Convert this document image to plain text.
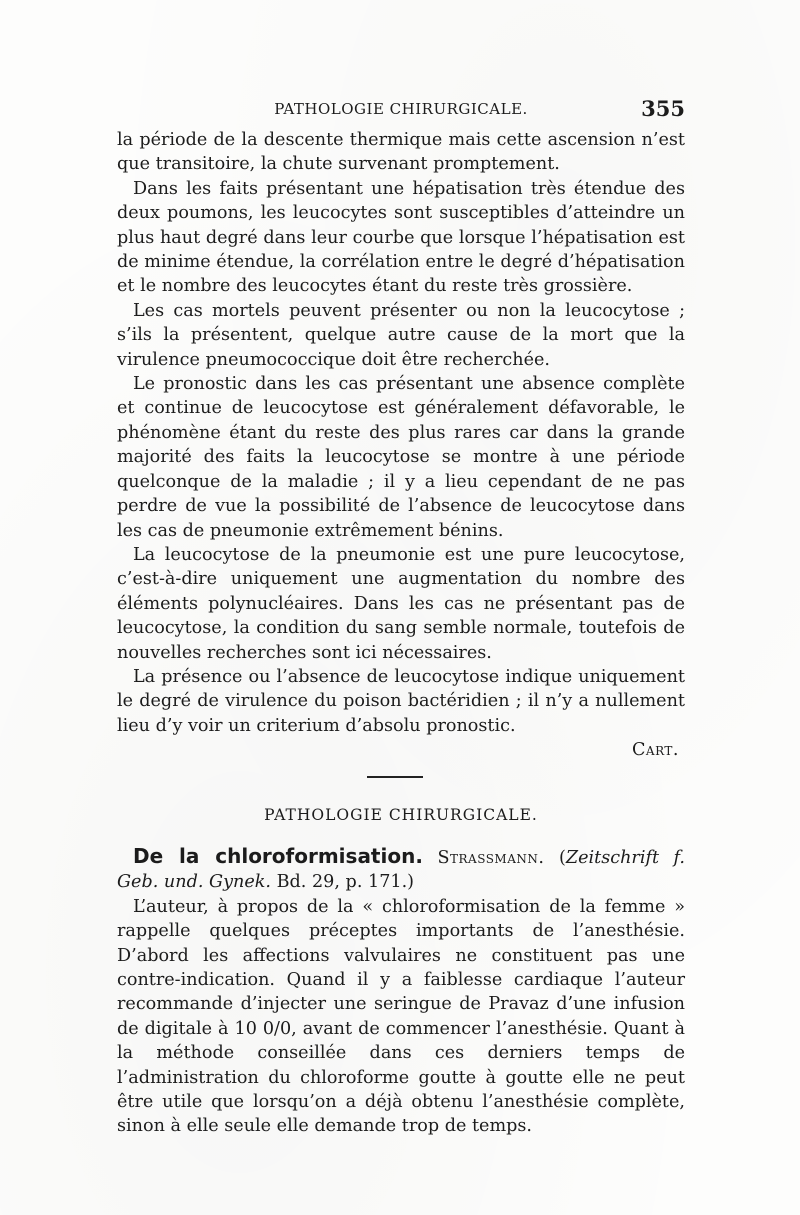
PATHOLOGIE CHIRURGICALE.	355

la période de la descente thermique mais cette ascension n’est que transitoire, la chute survenant promptement.

Dans les faits présentant une hépatisation très étendue des deux poumons, les leucocytes sont susceptibles d’atteindre un plus haut degré dans leur courbe que lorsque l’hépatisation est de minime étendue, la corrélation entre le degré d’hépatisation et le nombre des leucocytes étant du reste très grossière.

Les cas mortels peuvent présenter ou non la leucocytose ; s’ils la présentent, quelque autre cause de la mort que la virulence pneumococcique doit être recherchée.

Le pronostic dans les cas présentant une absence complète et continue de leucocytose est généralement défavorable, le phénomène étant du reste des plus rares car dans la grande majorité des faits la leucocytose se montre à une période quelconque de la maladie ; il y a lieu cependant de ne pas perdre de vue la possibilité de l’absence de leucocytose dans les cas de pneumonie extrêmement bénins.

La leucocytose de la pneumonie est une pure leucocytose, c’est-à-dire uniquement une augmentation du nombre des éléments polynucléaires. Dans les cas ne présentant pas de leucocytose, la condition du sang semble normale, toutefois de nouvelles recherches sont ici nécessaires.

La présence ou l’absence de leucocytose indique uniquement le degré de virulence du poison bactéridien ; il n’y a nullement lieu d’y voir un criterium d’absolu pronostic.

Cart.
PATHOLOGIE CHIRURGICALE.

De la chloroformisation. Strassmann. (Zeitschrift f. Geb. und. Gynek. Bd. 29, p. 171.)

L’auteur, à propos de la « chloroformisation de la femme » rappelle quelques préceptes importants de l’anesthésie. D’abord les affections valvulaires ne constituent pas une contre-indication. Quand il y a faiblesse cardiaque l’auteur recommande d’injecter une seringue de Pravaz d’une infusion de digitale à 10 0/0, avant de commencer l’anesthésie. Quant à la méthode conseillée dans ces derniers temps de l’administration du chloroforme goutte à goutte elle ne peut être utile que lorsqu’on a déjà obtenu l’anesthésie complète, sinon à elle seule elle demande trop de temps.
